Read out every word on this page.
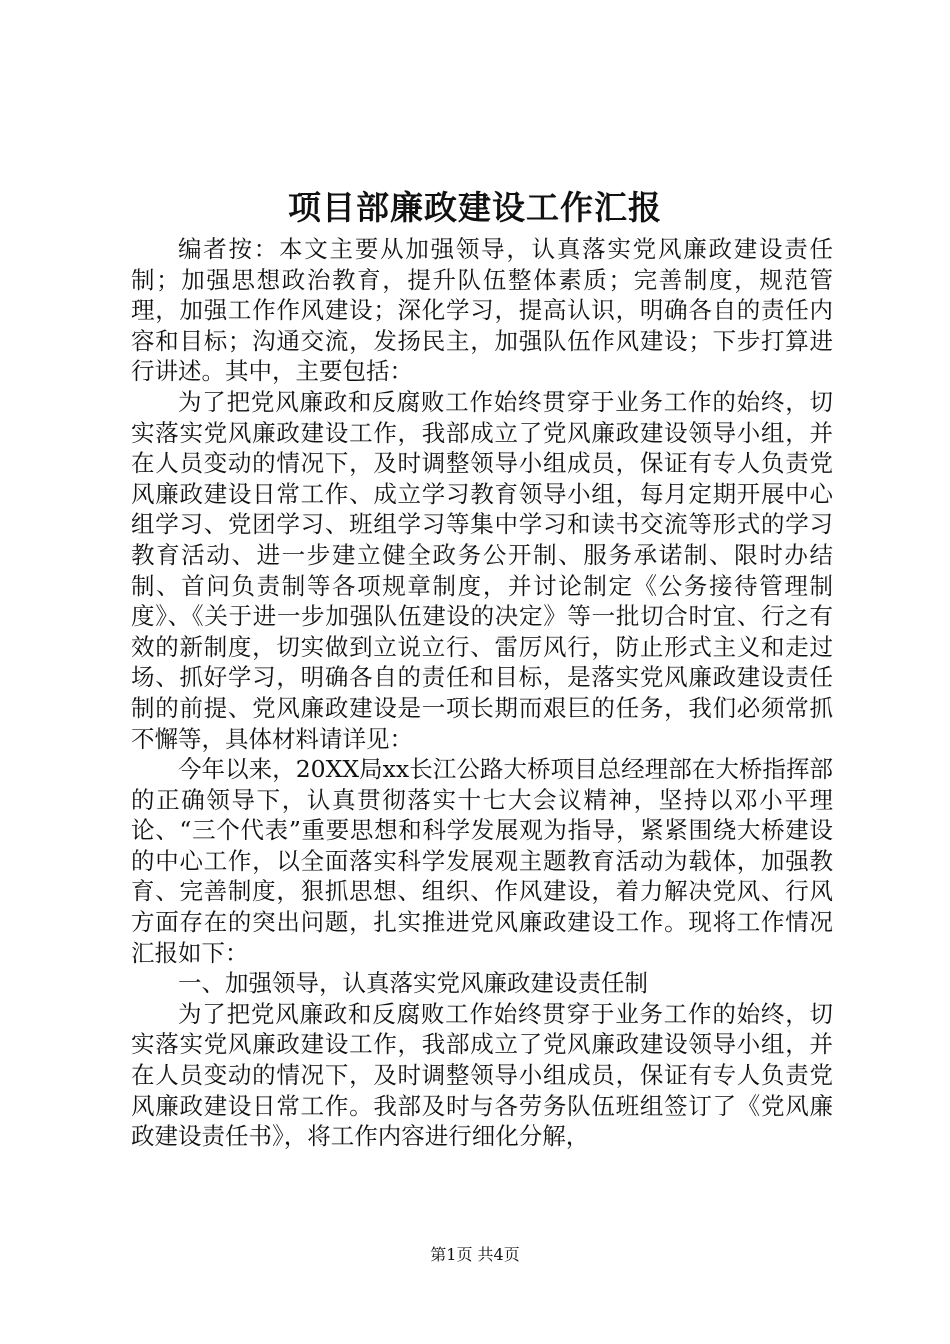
项目部廉政建设工作汇报

编者按：本文主要从加强领导，认真落实党风廉政建设责任制；加强思想政治教育，提升队伍整体素质；完善制度，规范管理，加强工作作风建设；深化学习，提高认识，明确各自的责任内容和目标；沟通交流，发扬民主，加强队伍作风建设；下步打算进行讲述。其中，主要包括：

为了把党风廉政和反腐败工作始终贯穿于业务工作的始终，切实落实党风廉政建设工作，我部成立了党风廉政建设领导小组，并在人员变动的情况下，及时调整领导小组成员，保证有专人负责党风廉政建设日常工作、成立学习教育领导小组，每月定期开展中心组学习、党团学习、班组学习等集中学习和读书交流等形式的学习教育活动、进一步建立健全政务公开制、服务承诺制、限时办结制、首问负责制等各项规章制度，并讨论制定《公务接待管理制度》、《关于进一步加强队伍建设的决定》等一批切合时宜、行之有效的新制度，切实做到立说立行、雷厉风行，防止形式主义和走过场、抓好学习，明确各自的责任和目标，是落实党风廉政建设责任制的前提、党风廉政建设是一项长期而艰巨的任务，我们必须常抓不懈等，具体材料请详见：

今年以来，20XX局xx长江公路大桥项目总经理部在大桥指挥部的正确领导下，认真贯彻落实十七大会议精神，坚持以邓小平理论、“三个代表”重要思想和科学发展观为指导，紧紧围绕大桥建设的中心工作，以全面落实科学发展观主题教育活动为载体，加强教育、完善制度，狠抓思想、组织、作风建设，着力解决党风、行风方面存在的突出问题，扎实推进党风廉政建设工作。现将工作情况汇报如下：

一、加强领导，认真落实党风廉政建设责任制

为了把党风廉政和反腐败工作始终贯穿于业务工作的始终，切实落实党风廉政建设工作，我部成立了党风廉政建设领导小组，并在人员变动的情况下，及时调整领导小组成员，保证有专人负责党风廉政建设日常工作。我部及时与各劳务队伍班组签订了《党风廉政建设责任书》，将工作内容进行细化分解，

第1页 共4页
